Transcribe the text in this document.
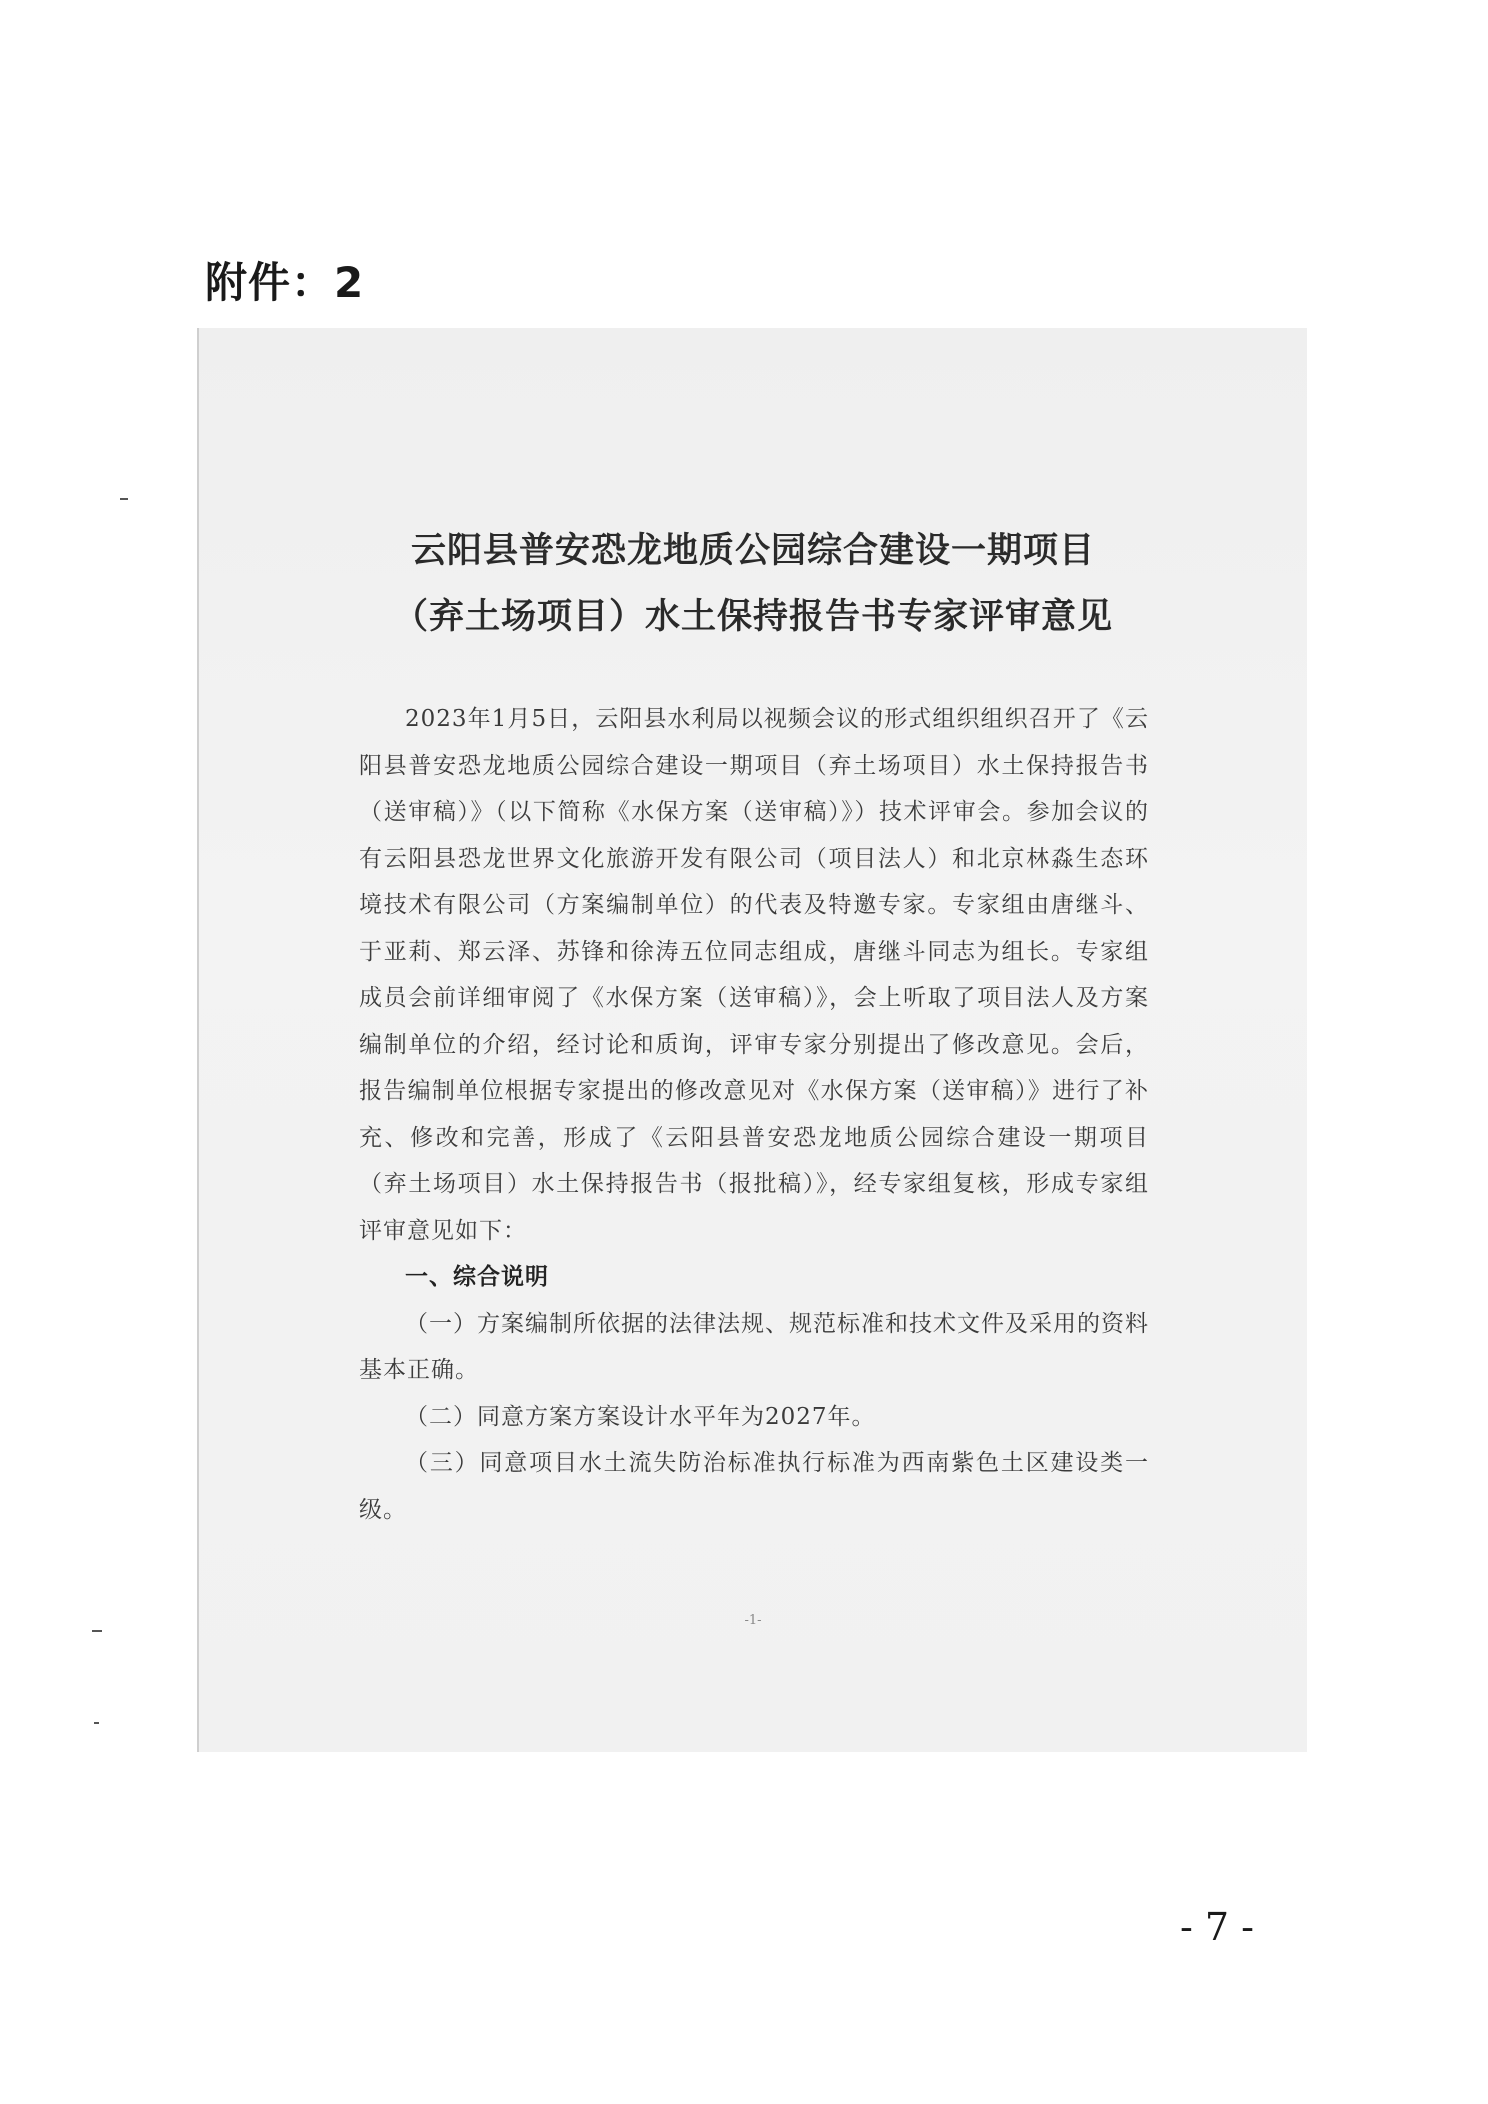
附件：2
云阳县普安恐龙地质公园综合建设一期项目
（弃土场项目）水土保持报告书专家评审意见

2023年1月5日，云阳县水利局以视频会议的形式组织组织召开了《云阳县普安恐龙地质公园综合建设一期项目（弃土场项目）水土保持报告书（送审稿）》（以下简称《水保方案（送审稿）》）技术评审会。参加会议的有云阳县恐龙世界文化旅游开发有限公司（项目法人）和北京林淼生态环境技术有限公司（方案编制单位）的代表及特邀专家。专家组由唐继斗、于亚莉、郑云泽、苏锋和徐涛五位同志组成，唐继斗同志为组长。专家组成员会前详细审阅了《水保方案（送审稿）》，会上听取了项目法人及方案编制单位的介绍，经讨论和质询，评审专家分别提出了修改意见。会后，报告编制单位根据专家提出的修改意见对《水保方案（送审稿）》进行了补充、修改和完善，形成了《云阳县普安恐龙地质公园综合建设一期项目（弃土场项目）水土保持报告书（报批稿）》，经专家组复核，形成专家组评审意见如下：

一、综合说明

（一）方案编制所依据的法律法规、规范标准和技术文件及采用的资料基本正确。

（二）同意方案方案设计水平年为2027年。

（三）同意项目水土流失防治标准执行标准为西南紫色土区建设类一级。

-1-
- 7 -
